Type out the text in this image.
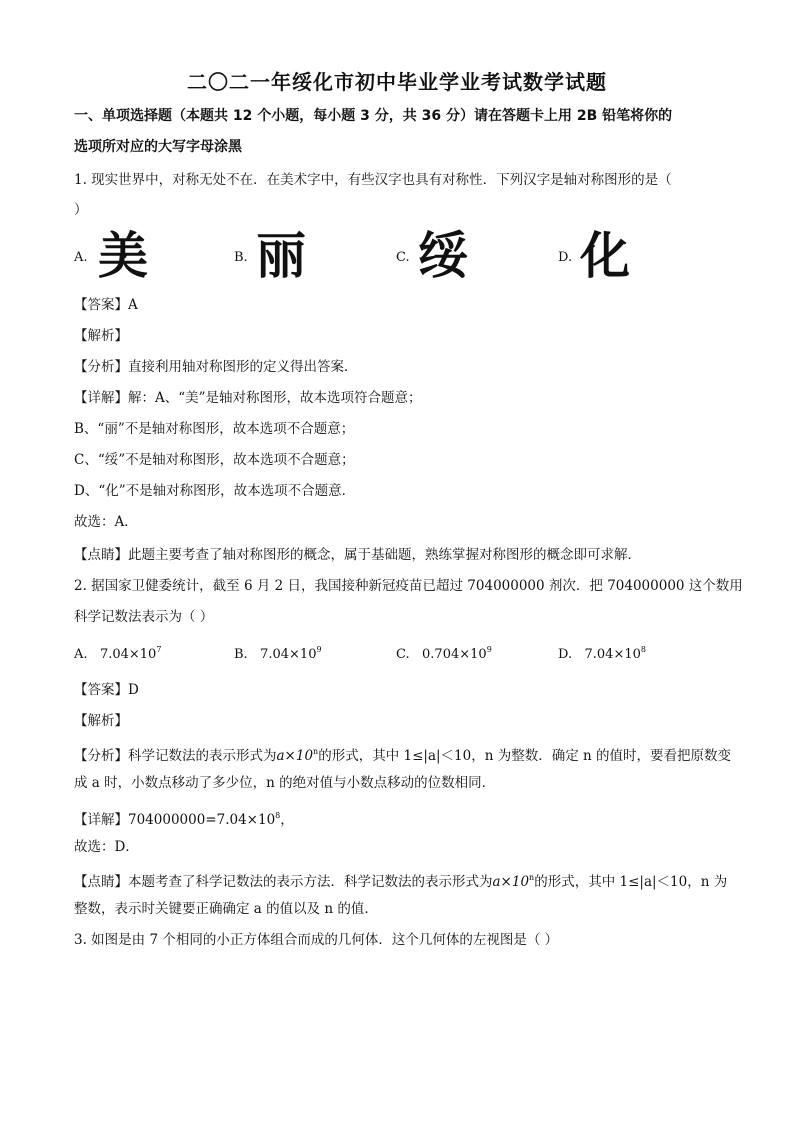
二〇二一年绥化市初中毕业学业考试数学试题
一、单项选择题（本题共 12 个小题，每小题 3 分，共 36 分）请在答题卡上用 2B 铅笔将你的
选项所对应的大写字母涂黑
1. 现实世界中，对称无处不在．在美术字中，有些汉字也具有对称性．下列汉字是轴对称图形的是（
）
A. 美	B. 丽	C. 绥	D. 化
【答案】A
【解析】
【分析】直接利用轴对称图形的定义得出答案．
【详解】解：A、“美”是轴对称图形，故本选项符合题意；
B、“丽”不是轴对称图形，故本选项不合题意；
C、“绥”不是轴对称图形，故本选项不合题意；
D、“化”不是轴对称图形，故本选项不合题意．
故选：A．
【点睛】此题主要考查了轴对称图形的概念，属于基础题，熟练掌握对称图形的概念即可求解．
2. 据国家卫健委统计，截至 6 月 2 日，我国接种新冠疫苗已超过 704000000 剂次．把 704000000 这个数用
科学记数法表示为（ ）
A. $7.04\times 10^7$	B. $7.04\times 10^9$	C. $0.704\times 10^9$	D. $7.04\times 10^8$
【答案】D
【解析】
【分析】科学记数法的表示形式为$a\times 10^n$的形式，其中 1≤|a|＜10，n 为整数．确定 n 的值时，要看把原数变
成 a 时，小数点移动了多少位，n 的绝对值与小数点移动的位数相同．
【详解】$704000000=7.04\times 10^8$，
故选：D．
【点睛】本题考查了科学记数法的表示方法．科学记数法的表示形式为$a\times 10^n$的形式，其中 1≤|a|＜10，n 为
整数，表示时关键要正确确定 a 的值以及 n 的值．
3. 如图是由 7 个相同的小正方体组合而成的几何体．这个几何体的左视图是（ ）
